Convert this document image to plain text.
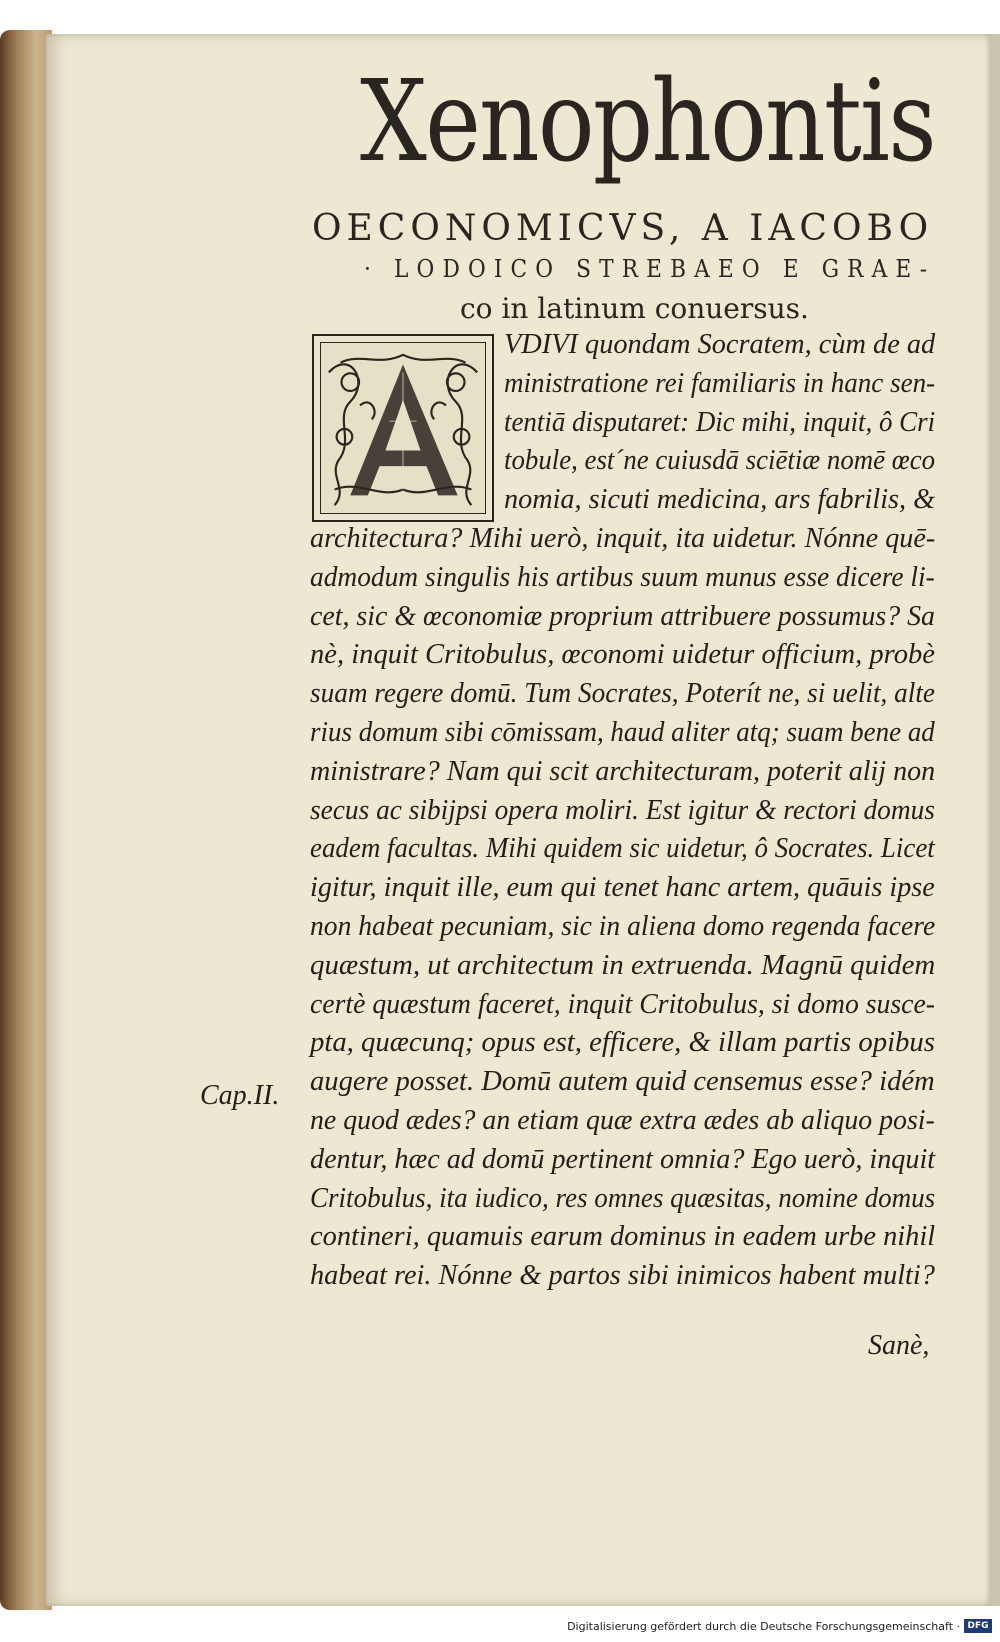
Xenophontis
OECONOMICVS, A IACOBO
· LODOICO STREBAEO E GRAE-
co in latinum conuersus.
VDIVI quondam Socratem, cùm de ad
ministratione rei familiaris in hanc sen-
tentiā disputaret: Dic mihi, inquit, ô Cri
tobule, est´ne cuiusdā sciētiæ nomē œco
nomia, sicuti medicina, ars fabrilis, &
architectura? Mihi uerò, inquit, ita uidetur. Nónne quē-
admodum singulis his artibus suum munus esse dicere li-
cet, sic & œconomiæ proprium attribuere possumus? Sa
nè, inquit Critobulus, œconomi uidetur officium, probè
suam regere domū. Tum Socrates, Poterít ne, si uelit, alte
rius domum sibi cōmissam, haud aliter atq; suam bene ad
ministrare? Nam qui scit architecturam, poterit alij non
secus ac sibijpsi opera moliri. Est igitur & rectori domus
eadem facultas. Mihi quidem sic uidetur, ô Socrates. Licet
igitur, inquit ille, eum qui tenet hanc artem, quāuis ipse
non habeat pecuniam, sic in aliena domo regenda facere
quæstum, ut architectum in extruenda. Magnū quidem
certè quæstum faceret, inquit Critobulus, si domo susce-
pta, quæcunq; opus est, efficere, & illam partis opibus
augere posset. Domū autem quid censemus esse? idém
ne quod ædes? an etiam quæ extra ædes ab aliquo posi-
dentur, hæc ad domū pertinent omnia? Ego uerò, inquit
Critobulus, ita iudico, res omnes quæsitas, nomine domus
contineri, quamuis earum dominus in eadem urbe nihil
habeat rei. Nónne & partos sibi inimicos habent multi?
Cap.II.
Sanè,
Digitalisierung gefördert durch die Deutsche Forschungsgemeinschaft · DFG
